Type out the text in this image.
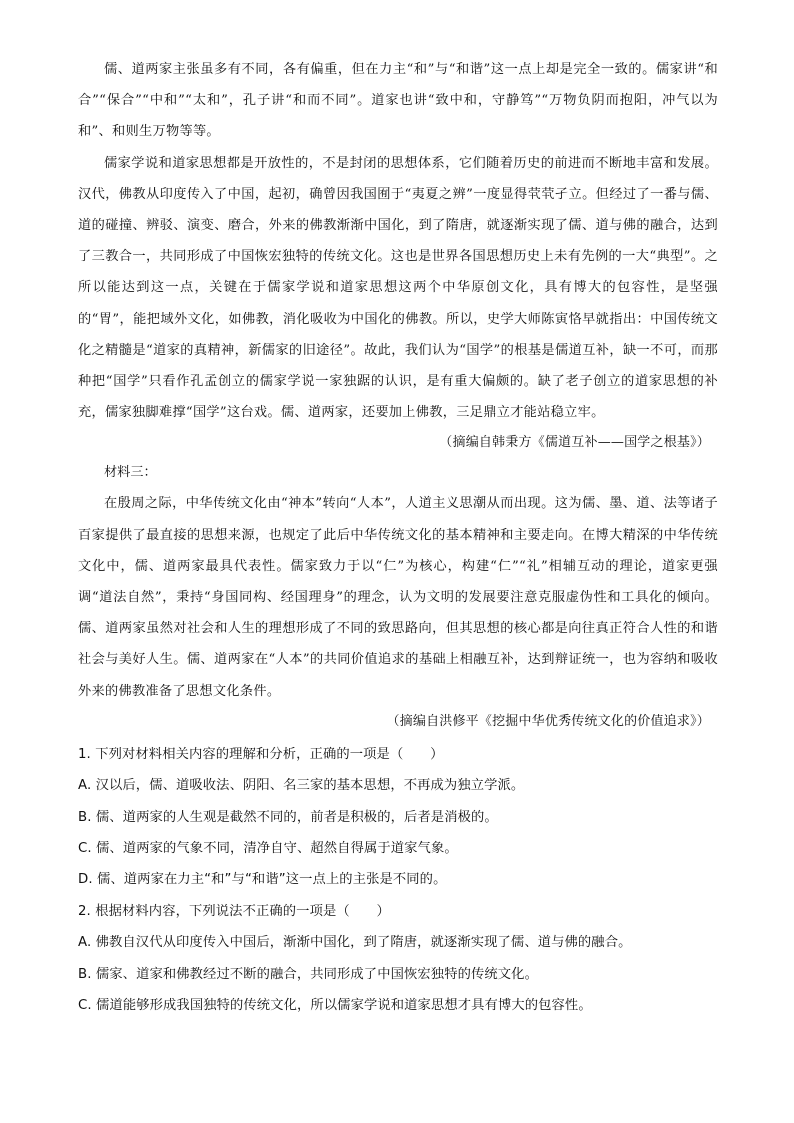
儒、道两家主张虽多有不同，各有偏重，但在力主“和”与“和谐”这一点上却是完全一致的。儒家讲“和合”“保合”“中和”“太和”，孔子讲“和而不同”。道家也讲“致中和，守静笃”“万物负阴而抱阳，冲气以为和”、和则生万物等等。

儒家学说和道家思想都是开放性的，不是封闭的思想体系，它们随着历史的前进而不断地丰富和发展。汉代，佛教从印度传入了中国，起初，确曾因我国囿于“夷夏之辨”一度显得茕茕孑立。但经过了一番与儒、道的碰撞、辨驳、演变、磨合，外来的佛教渐渐中国化，到了隋唐，就逐渐实现了儒、道与佛的融合，达到了三教合一，共同形成了中国恢宏独特的传统文化。这也是世界各国思想历史上未有先例的一大“典型”。之所以能达到这一点，关键在于儒家学说和道家思想这两个中华原创文化，具有博大的包容性，是坚强的“胃”，能把域外文化，如佛教，消化吸收为中国化的佛教。所以，史学大师陈寅恪早就指出：中国传统文化之精髓是“道家的真精神，新儒家的旧途径”。故此，我们认为“国学”的根基是儒道互补，缺一不可，而那种把“国学”只看作孔孟创立的儒家学说一家独踞的认识，是有重大偏颇的。缺了老子创立的道家思想的补充，儒家独脚难撑“国学”这台戏。儒、道两家，还要加上佛教，三足鼎立才能站稳立牢。

（摘编自韩秉方《儒道互补——国学之根基》）

材料三：

在殷周之际，中华传统文化由“神本”转向“人本”，人道主义思潮从而出现。这为儒、墨、道、法等诸子百家提供了最直接的思想来源，也规定了此后中华传统文化的基本精神和主要走向。在博大精深的中华传统文化中，儒、道两家最具代表性。儒家致力于以“仁”为核心，构建“仁”“礼”相辅互动的理论，道家更强调“道法自然”，秉持“身国同构、经国理身”的理念，认为文明的发展要注意克服虚伪性和工具化的倾向。儒、道两家虽然对社会和人生的理想形成了不同的致思路向，但其思想的核心都是向往真正符合人性的和谐社会与美好人生。儒、道两家在“人本”的共同价值追求的基础上相融互补，达到辩证统一，也为容纳和吸收外来的佛教准备了思想文化条件。

（摘编自洪修平《挖掘中华优秀传统文化的价值追求》）

1. 下列对材料相关内容的理解和分析，正确的一项是（　　）

A. 汉以后，儒、道吸收法、阴阳、名三家的基本思想，不再成为独立学派。

B. 儒、道两家的人生观是截然不同的，前者是积极的，后者是消极的。

C. 儒、道两家的气象不同，清净自守、超然自得属于道家气象。

D. 儒、道两家在力主“和”与“和谐”这一点上的主张是不同的。

2. 根据材料内容，下列说法不正确的一项是（　　）

A. 佛教自汉代从印度传入中国后，渐渐中国化，到了隋唐，就逐渐实现了儒、道与佛的融合。

B. 儒家、道家和佛教经过不断的融合，共同形成了中国恢宏独特的传统文化。

C. 儒道能够形成我国独特的传统文化，所以儒家学说和道家思想才具有博大的包容性。
